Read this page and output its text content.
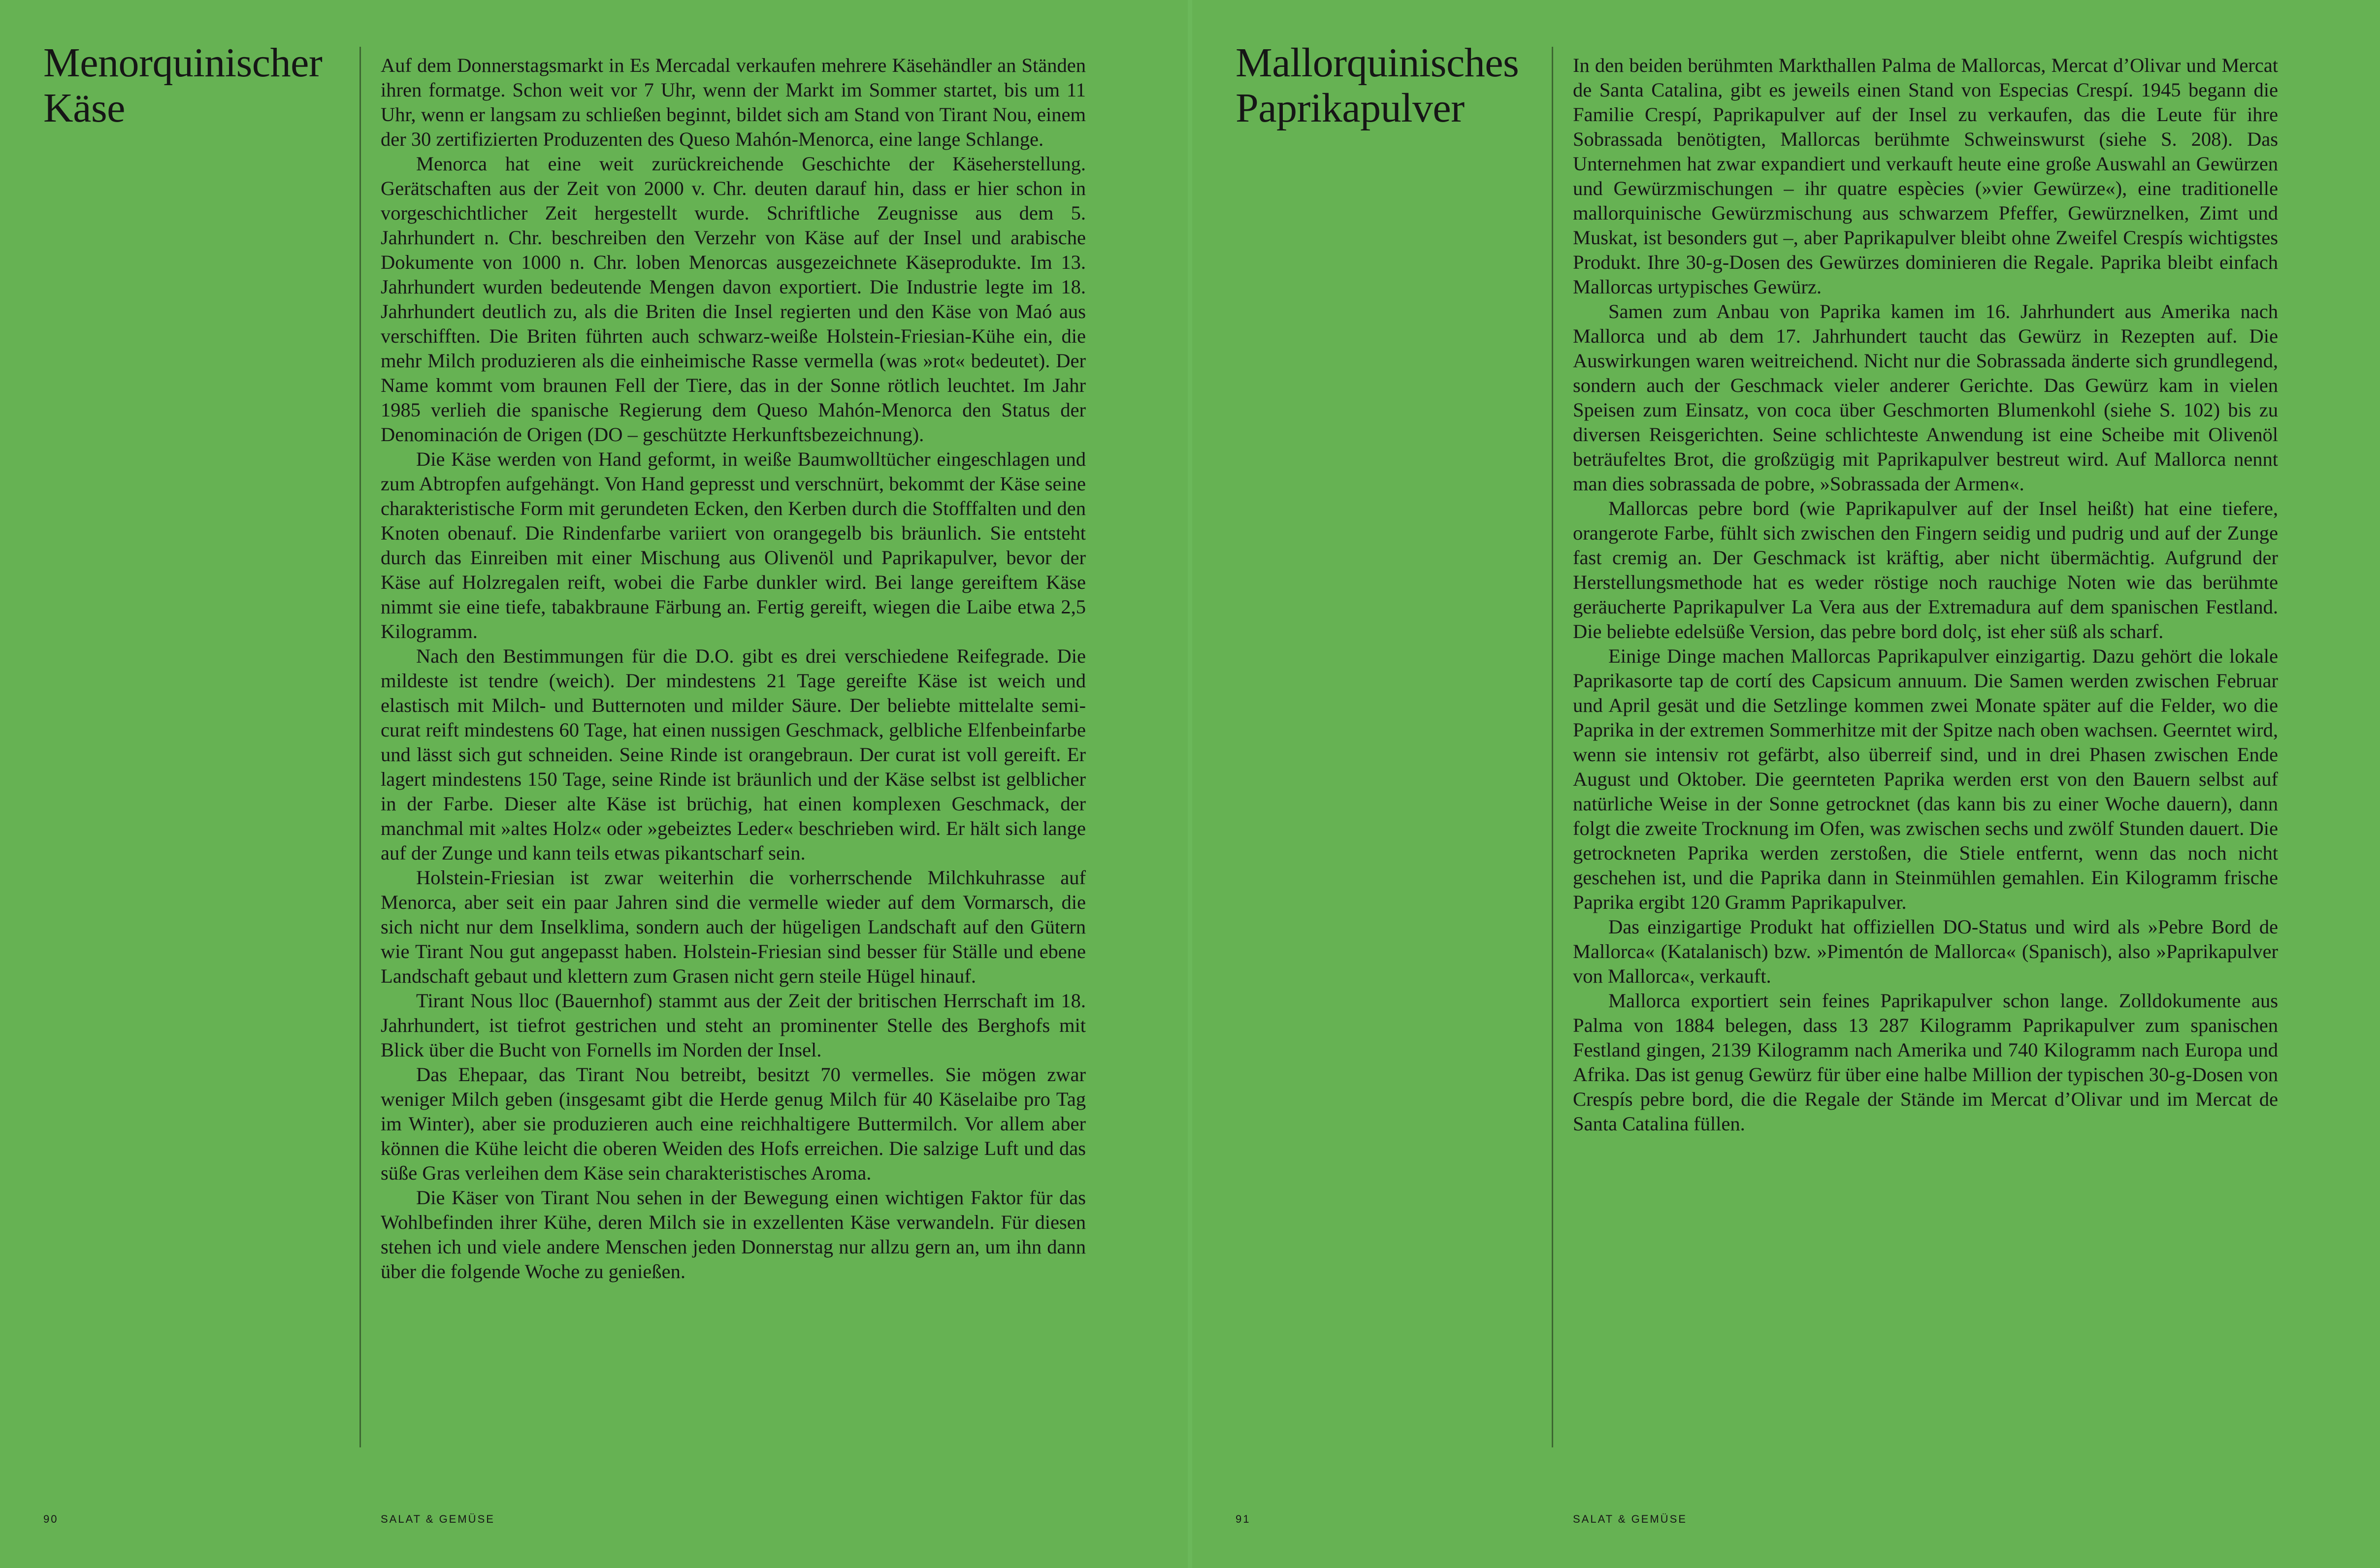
Menorquinischer Käse

Auf dem Donnerstagsmarkt in Es Mercadal verkaufen mehrere Käsehändler an Ständen ihren formatge. Schon weit vor 7 Uhr, wenn der Markt im Sommer startet, bis um 11 Uhr, wenn er langsam zu schließen beginnt, bildet sich am Stand von Tirant Nou, einem der 30 zertifizierten Produzenten des Queso Mahón-Menorca, eine lange Schlange.

Menorca hat eine weit zurückreichende Geschichte der Käseherstellung. Gerätschaften aus der Zeit von 2000 v. Chr. deuten darauf hin, dass er hier schon in vorgeschichtlicher Zeit hergestellt wurde. Schriftliche Zeugnisse aus dem 5. Jahrhundert n. Chr. beschreiben den Verzehr von Käse auf der Insel und arabische Dokumente von 1000 n. Chr. loben Menorcas ausgezeichnete Käseprodukte. Im 13. Jahrhundert wurden bedeutende Mengen davon exportiert. Die Industrie legte im 18. Jahrhundert deutlich zu, als die Briten die Insel regierten und den Käse von Maó aus verschifften. Die Briten führten auch schwarz-weiße Holstein-Friesian-Kühe ein, die mehr Milch produzieren als die einheimische Rasse vermella (was »rot« bedeutet). Der Name kommt vom braunen Fell der Tiere, das in der Sonne rötlich leuchtet. Im Jahr 1985 verlieh die spanische Regierung dem Queso Mahón-Menorca den Status der Denominación de Origen (DO – geschützte Herkunftsbezeichnung).

Die Käse werden von Hand geformt, in weiße Baumwolltücher eingeschlagen und zum Abtropfen aufgehängt. Von Hand gepresst und verschnürt, bekommt der Käse seine charakteristische Form mit gerundeten Ecken, den Kerben durch die Stofffalten und den Knoten obenauf. Die Rindenfarbe variiert von orangegelb bis bräunlich. Sie entsteht durch das Einreiben mit einer Mischung aus Olivenöl und Paprikapulver, bevor der Käse auf Holzregalen reift, wobei die Farbe dunkler wird. Bei lange gereiftem Käse nimmt sie eine tiefe, tabakbraune Färbung an. Fertig gereift, wiegen die Laibe etwa 2,5 Kilogramm.

Nach den Bestimmungen für die D.O. gibt es drei verschiedene Reifegrade. Die mildeste ist tendre (weich). Der mindestens 21 Tage gereifte Käse ist weich und elastisch mit Milch- und Butternoten und milder Säure. Der beliebte mittelalte semi-curat reift mindestens 60 Tage, hat einen nussigen Geschmack, gelbliche Elfenbeinfarbe und lässt sich gut schneiden. Seine Rinde ist orangebraun. Der curat ist voll gereift. Er lagert mindestens 150 Tage, seine Rinde ist bräunlich und der Käse selbst ist gelblicher in der Farbe. Dieser alte Käse ist brüchig, hat einen komplexen Geschmack, der manchmal mit »altes Holz« oder »gebeiztes Leder« beschrieben wird. Er hält sich lange auf der Zunge und kann teils etwas pikantscharf sein.

Holstein-Friesian ist zwar weiterhin die vorherrschende Milchkuhrasse auf Menorca, aber seit ein paar Jahren sind die vermelle wieder auf dem Vormarsch, die sich nicht nur dem Inselklima, sondern auch der hügeligen Landschaft auf den Gütern wie Tirant Nou gut angepasst haben. Holstein-Friesian sind besser für Ställe und ebene Landschaft gebaut und klettern zum Grasen nicht gern steile Hügel hinauf.

Tirant Nous lloc (Bauernhof) stammt aus der Zeit der britischen Herrschaft im 18. Jahrhundert, ist tiefrot gestrichen und steht an prominenter Stelle des Berghofs mit Blick über die Bucht von Fornells im Norden der Insel.

Das Ehepaar, das Tirant Nou betreibt, besitzt 70 vermelles. Sie mögen zwar weniger Milch geben (insgesamt gibt die Herde genug Milch für 40 Käselaibe pro Tag im Winter), aber sie produzieren auch eine reichhaltigere Buttermilch. Vor allem aber können die Kühe leicht die oberen Weiden des Hofs erreichen. Die salzige Luft und das süße Gras verleihen dem Käse sein charakteristisches Aroma.

Die Käser von Tirant Nou sehen in der Bewegung einen wichtigen Faktor für das Wohlbefinden ihrer Kühe, deren Milch sie in exzellenten Käse verwandeln. Für diesen stehen ich und viele andere Menschen jeden Donnerstag nur allzu gern an, um ihn dann über die folgende Woche zu genießen.

90	SALAT & GEMÜSE
Mallorquinisches Paprikapulver

In den beiden berühmten Markthallen Palma de Mallorcas, Mercat d’Olivar und Mercat de Santa Catalina, gibt es jeweils einen Stand von Especias Crespí. 1945 begann die Familie Crespí, Paprikapulver auf der Insel zu verkaufen, das die Leute für ihre Sobrassada benötigten, Mallorcas berühmte Schweinswurst (siehe S. 208). Das Unternehmen hat zwar expandiert und verkauft heute eine große Auswahl an Gewürzen und Gewürzmischungen – ihr quatre espècies (»vier Gewürze«), eine traditionelle mallorquinische Gewürzmischung aus schwarzem Pfeffer, Gewürznelken, Zimt und Muskat, ist besonders gut –, aber Paprikapulver bleibt ohne Zweifel Crespís wichtigstes Produkt. Ihre 30-g-Dosen des Gewürzes dominieren die Regale. Paprika bleibt einfach Mallorcas urtypisches Gewürz.

Samen zum Anbau von Paprika kamen im 16. Jahrhundert aus Amerika nach Mallorca und ab dem 17. Jahrhundert taucht das Gewürz in Rezepten auf. Die Auswirkungen waren weitreichend. Nicht nur die Sobrassada änderte sich grundlegend, sondern auch der Geschmack vieler anderer Gerichte. Das Gewürz kam in vielen Speisen zum Einsatz, von coca über Geschmorten Blumenkohl (siehe S. 102) bis zu diversen Reisgerichten. Seine schlichteste Anwendung ist eine Scheibe mit Olivenöl beträufeltes Brot, die großzügig mit Paprikapulver bestreut wird. Auf Mallorca nennt man dies sobrassada de pobre, »Sobrassada der Armen«.

Mallorcas pebre bord (wie Paprikapulver auf der Insel heißt) hat eine tiefere, orangerote Farbe, fühlt sich zwischen den Fingern seidig und pudrig und auf der Zunge fast cremig an. Der Geschmack ist kräftig, aber nicht übermächtig. Aufgrund der Herstellungsmethode hat es weder röstige noch rauchige Noten wie das berühmte geräucherte Paprikapulver La Vera aus der Extremadura auf dem spanischen Festland. Die beliebte edelsüße Version, das pebre bord dolç, ist eher süß als scharf.

Einige Dinge machen Mallorcas Paprikapulver einzigartig. Dazu gehört die lokale Paprikasorte tap de cortí des Capsicum annuum. Die Samen werden zwischen Februar und April gesät und die Setzlinge kommen zwei Monate später auf die Felder, wo die Paprika in der extremen Sommerhitze mit der Spitze nach oben wachsen. Geerntet wird, wenn sie intensiv rot gefärbt, also überreif sind, und in drei Phasen zwischen Ende August und Oktober. Die geernteten Paprika werden erst von den Bauern selbst auf natürliche Weise in der Sonne getrocknet (das kann bis zu einer Woche dauern), dann folgt die zweite Trocknung im Ofen, was zwischen sechs und zwölf Stunden dauert. Die getrockneten Paprika werden zerstoßen, die Stiele entfernt, wenn das noch nicht geschehen ist, und die Paprika dann in Steinmühlen gemahlen. Ein Kilogramm frische Paprika ergibt 120 Gramm Paprikapulver.

Das einzigartige Produkt hat offiziellen DO-Status und wird als »Pebre Bord de Mallorca« (Katalanisch) bzw. »Pimentón de Mallorca« (Spanisch), also »Paprikapulver von Mallorca«, verkauft.

Mallorca exportiert sein feines Paprikapulver schon lange. Zolldokumente aus Palma von 1884 belegen, dass 13 287 Kilogramm Paprikapulver zum spanischen Festland gingen, 2139 Kilogramm nach Amerika und 740 Kilogramm nach Europa und Afrika. Das ist genug Gewürz für über eine halbe Million der typischen 30-g-Dosen von Crespís pebre bord, die die Regale der Stände im Mercat d’Olivar und im Mercat de Santa Catalina füllen.

91	SALAT & GEMÜSE
